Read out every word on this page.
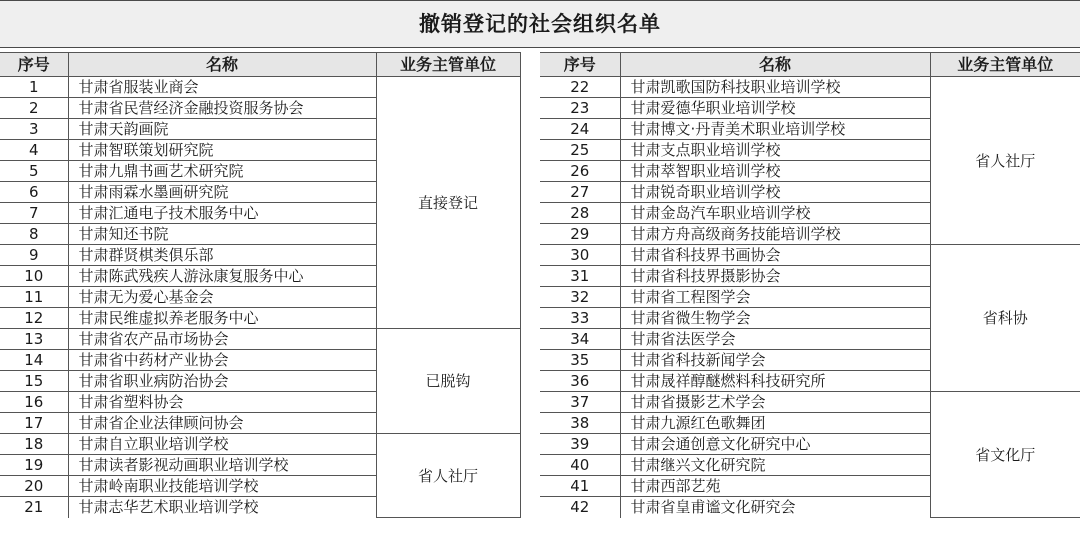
撤销登记的社会组织名单
序号	名称	业务主管单位
1	甘肃省服装业商会	直接登记
2	甘肃省民营经济金融投资服务协会	
3	甘肃天韵画院	
4	甘肃智联策划研究院	
5	甘肃九鼎书画艺术研究院	
6	甘肃雨霖水墨画研究院	
7	甘肃汇通电子技术服务中心	
8	甘肃知还书院	
9	甘肃群贤棋类俱乐部	
10	甘肃陈武残疾人游泳康复服务中心	
11	甘肃无为爱心基金会	
12	甘肃民维虚拟养老服务中心	
13	甘肃省农产品市场协会	已脱钩
14	甘肃省中药材产业协会	
15	甘肃省职业病防治协会	
16	甘肃省塑料协会	
17	甘肃省企业法律顾问协会	
18	甘肃自立职业培训学校	省人社厅
19	甘肃读者影视动画职业培训学校	
20	甘肃岭南职业技能培训学校	
21	甘肃志华艺术职业培训学校	
序号	名称	业务主管单位
22	甘肃凯歌国防科技职业培训学校	省人社厅
23	甘肃爱德华职业培训学校	
24	甘肃博文·丹青美术职业培训学校	
25	甘肃支点职业培训学校	
26	甘肃萃智职业培训学校	
27	甘肃锐奇职业培训学校	
28	甘肃金岛汽车职业培训学校	
29	甘肃方舟高级商务技能培训学校	
30	甘肃省科技界书画协会	省科协
31	甘肃省科技界摄影协会	
32	甘肃省工程图学会	
33	甘肃省微生物学会	
34	甘肃省法医学会	
35	甘肃省科技新闻学会	
36	甘肃晟祥醇醚燃料科技研究所	
37	甘肃省摄影艺术学会	省文化厅
38	甘肃九源红色歌舞团	
39	甘肃会通创意文化研究中心	
40	甘肃继兴文化研究院	
41	甘肃西部艺苑	
42	甘肃省皇甫谧文化研究会	
